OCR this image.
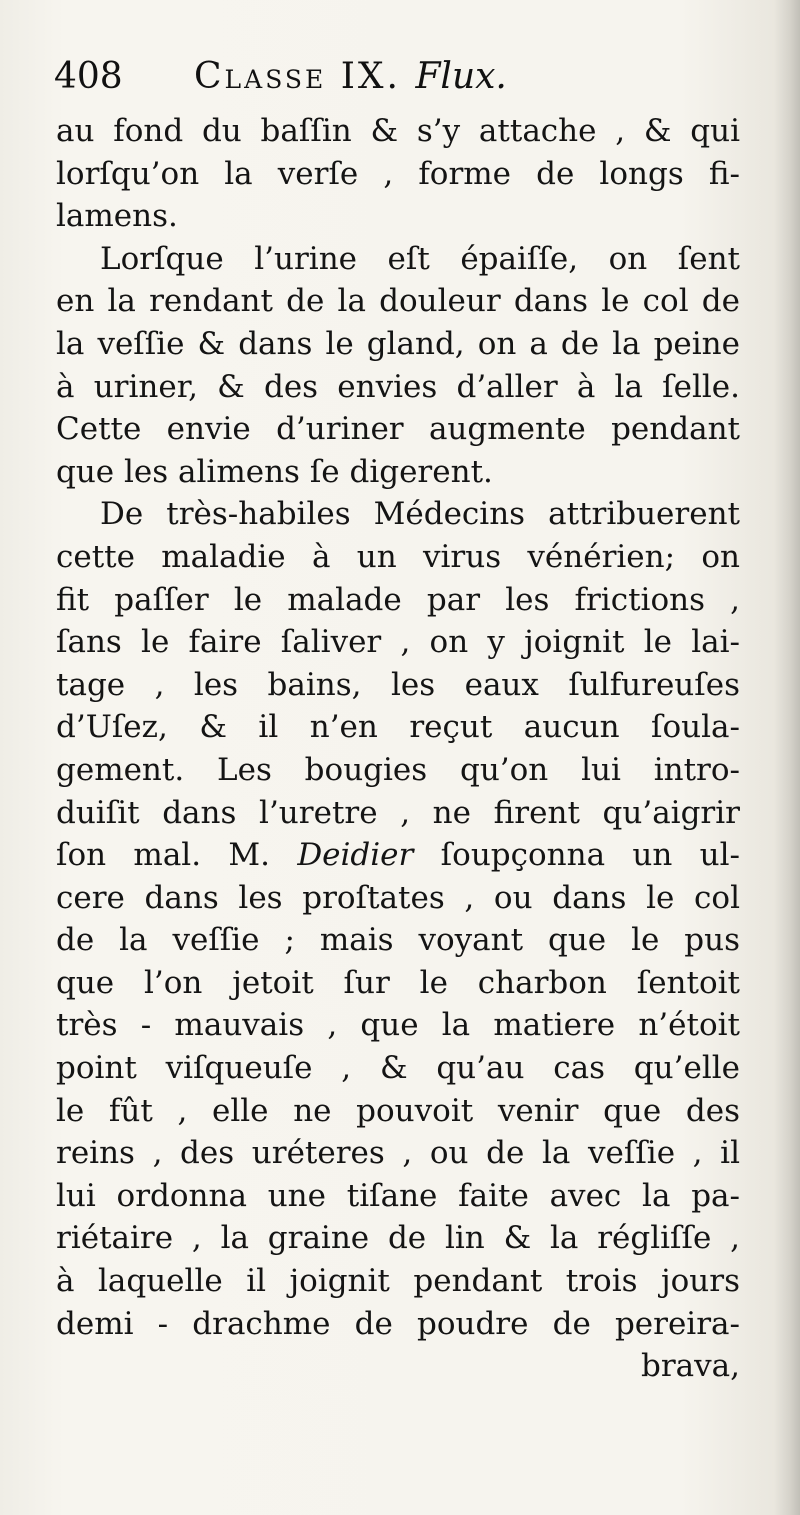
408 Classe IX. Flux.
au fond du baſſin & s’y attache , & qui
lorſqu’on la verſe , forme de longs fi-
lamens.
Lorſque l’urine eſt épaiſſe, on ſent
en la rendant de la douleur dans le col de
la veſſie & dans le gland, on a de la peine
à uriner, & des envies d’aller à la ſelle.
Cette envie d’uriner augmente pendant
que les alimens ſe digerent.
De très-habiles Médecins attribuerent
cette maladie à un virus vénérien; on
fit paſſer le malade par les frictions ,
ſans le faire ſaliver , on y joignit le lai-
tage , les bains, les eaux ſulfureuſes
d’Uſez, & il n’en reçut aucun ſoula-
gement. Les bougies qu’on lui intro-
duiſit dans l’uretre , ne firent qu’aigrir
ſon mal. M. Deidier ſoupçonna un ul-
cere dans les proſtates , ou dans le col
de la veſſie ; mais voyant que le pus
que l’on jetoit ſur le charbon ſentoit
très - mauvais , que la matiere n’étoit
point viſqueuſe , & qu’au cas qu’elle
le fût , elle ne pouvoit venir que des
reins , des uréteres , ou de la veſſie , il
lui ordonna une tiſane faite avec la pa-
riétaire , la graine de lin & la régliſſe ,
à laquelle il joignit pendant trois jours
demi - drachme de poudre de pereira-
brava,
